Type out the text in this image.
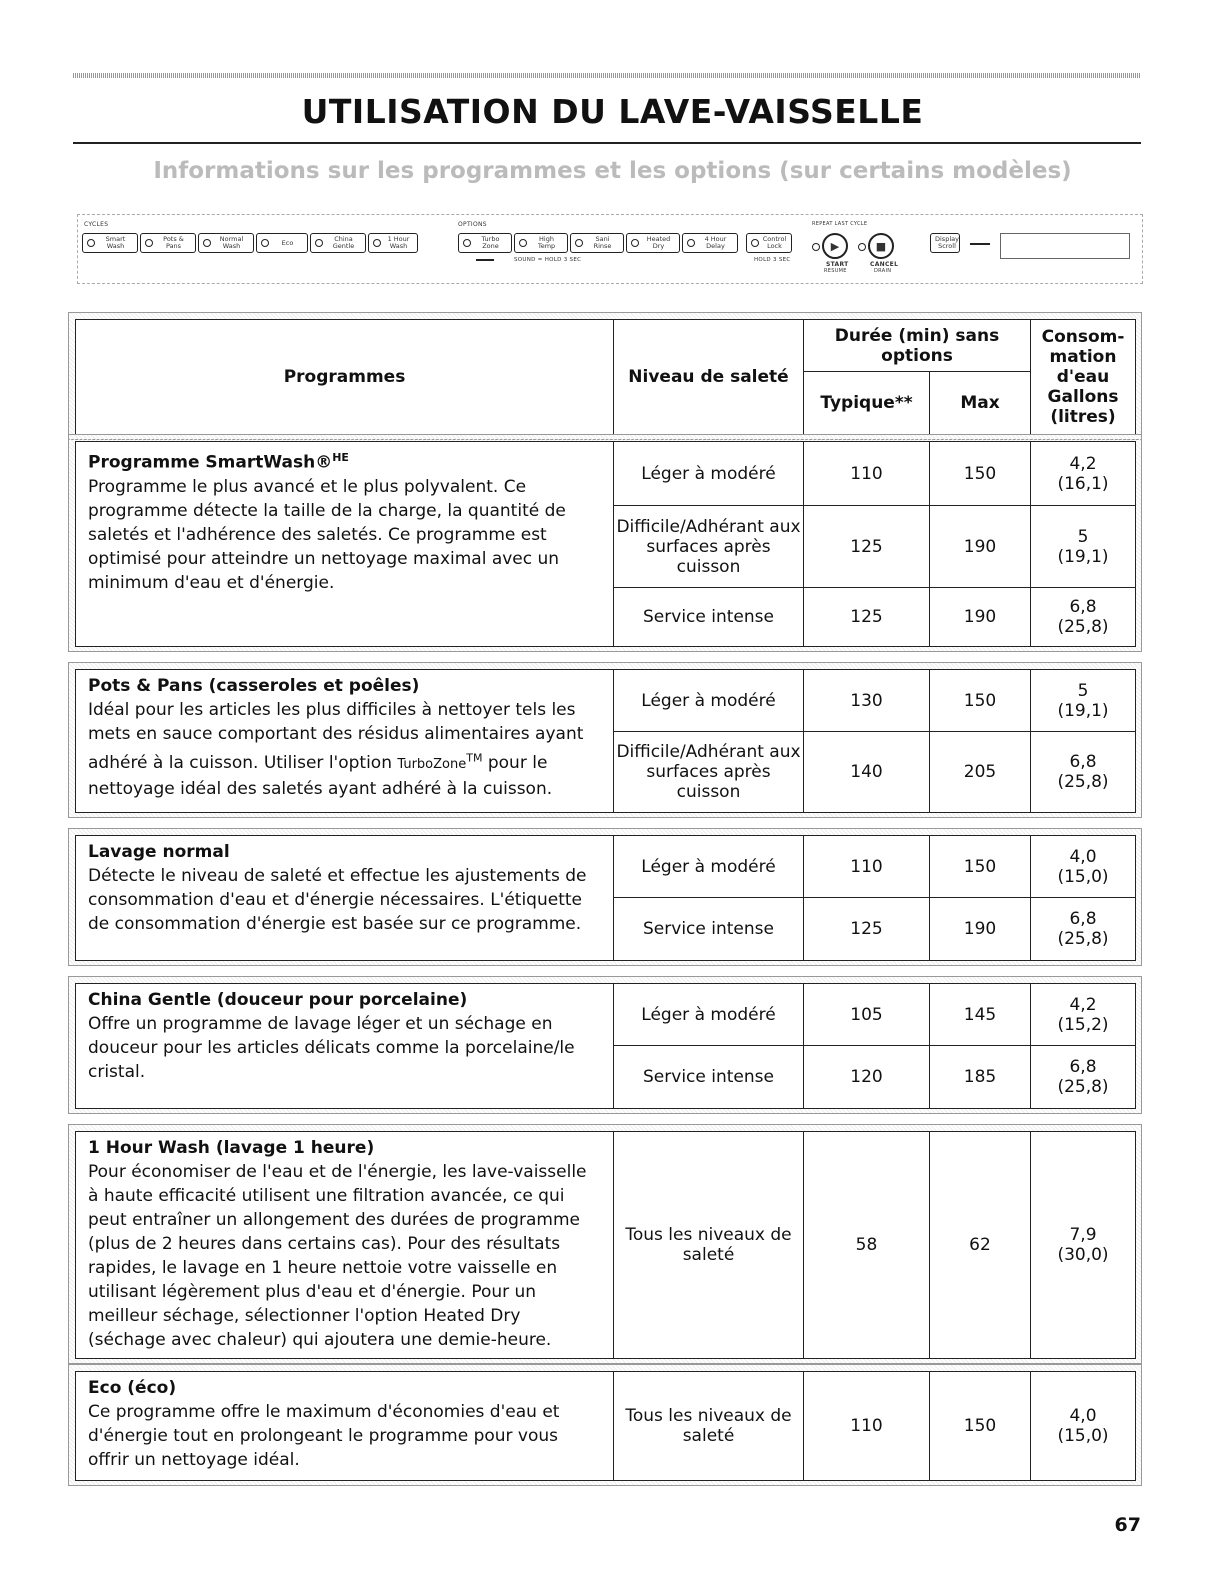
UTILISATION DU LAVE-VAISSELLE
Informations sur les programmes et les options (sur certains modèles)
CYCLES	OPTIONS	REPEAT LAST CYCLE
Smart Wash
Pots & Pans
Normal Wash	Eco	China Gentle
1 Hour Wash
Turbo Zone
High Temp
Sani Rinse
Heated Dry
4 Hour Delay
Control Lock
SOUND = HOLD 3 SEC	HOLD 3 SEC
▶	■
START
RESUME
CANCEL
DRAIN
Display Scroll
Programmes	Niveau de saleté	Durée (min) sans options		Consom-mation d'eau Gallons (litres)
		Typique**	Max	
Programme SmartWash®$^{HE}$
Programme le plus avancé et le plus polyvalent. Ce programme détecte la taille de la charge, la quantité de saletés et l'adhérence des saletés. Ce programme est optimisé pour atteindre un nettoyage maximal avec un minimum d'eau et d'énergie.	Léger à modéré	110	150	4,2
(16,1)
	Difficile/Adhérant aux surfaces après cuisson	125	190	5
(19,1)
	Service intense	125	190	6,8
(25,8)
Pots & Pans (casseroles et poêles)
Idéal pour les articles les plus difficiles à nettoyer tels les mets en sauce comportant des résidus alimentaires ayant adhéré à la cuisson. Utiliser l'option TurboZone™ pour le nettoyage idéal des saletés ayant adhéré à la cuisson.	Léger à modéré	130	150	5
(19,1)
	Difficile/Adhérant aux surfaces après cuisson	140	205	6,8
(25,8)
Lavage normal
Détecte le niveau de saleté et effectue les ajustements de consommation d'eau et d'énergie nécessaires. L'étiquette de consommation d'énergie est basée sur ce programme.	Léger à modéré	110	150	4,0
(15,0)
	Service intense	125	190	6,8
(25,8)
China Gentle (douceur pour porcelaine)
Offre un programme de lavage léger et un séchage en douceur pour les articles délicats comme la porcelaine/le cristal.	Léger à modéré	105	145	4,2
(15,2)
	Service intense	120	185	6,8
(25,8)
1 Hour Wash (lavage 1 heure)
Pour économiser de l'eau et de l'énergie, les lave-vaisselle à haute efficacité utilisent une filtration avancée, ce qui peut entraîner un allongement des durées de programme (plus de 2 heures dans certains cas). Pour des résultats rapides, le lavage en 1 heure nettoie votre vaisselle en utilisant légèrement plus d'eau et d'énergie. Pour un meilleur séchage, sélectionner l'option Heated Dry (séchage avec chaleur) qui ajoutera une demie-heure.	Tous les niveaux de saleté	58	62	7,9
(30,0)
Eco (éco)
Ce programme offre le maximum d'économies d'eau et d'énergie tout en prolongeant le programme pour vous offrir un nettoyage idéal.	Tous les niveaux de saleté	110	150	4,0
(15,0)
67
